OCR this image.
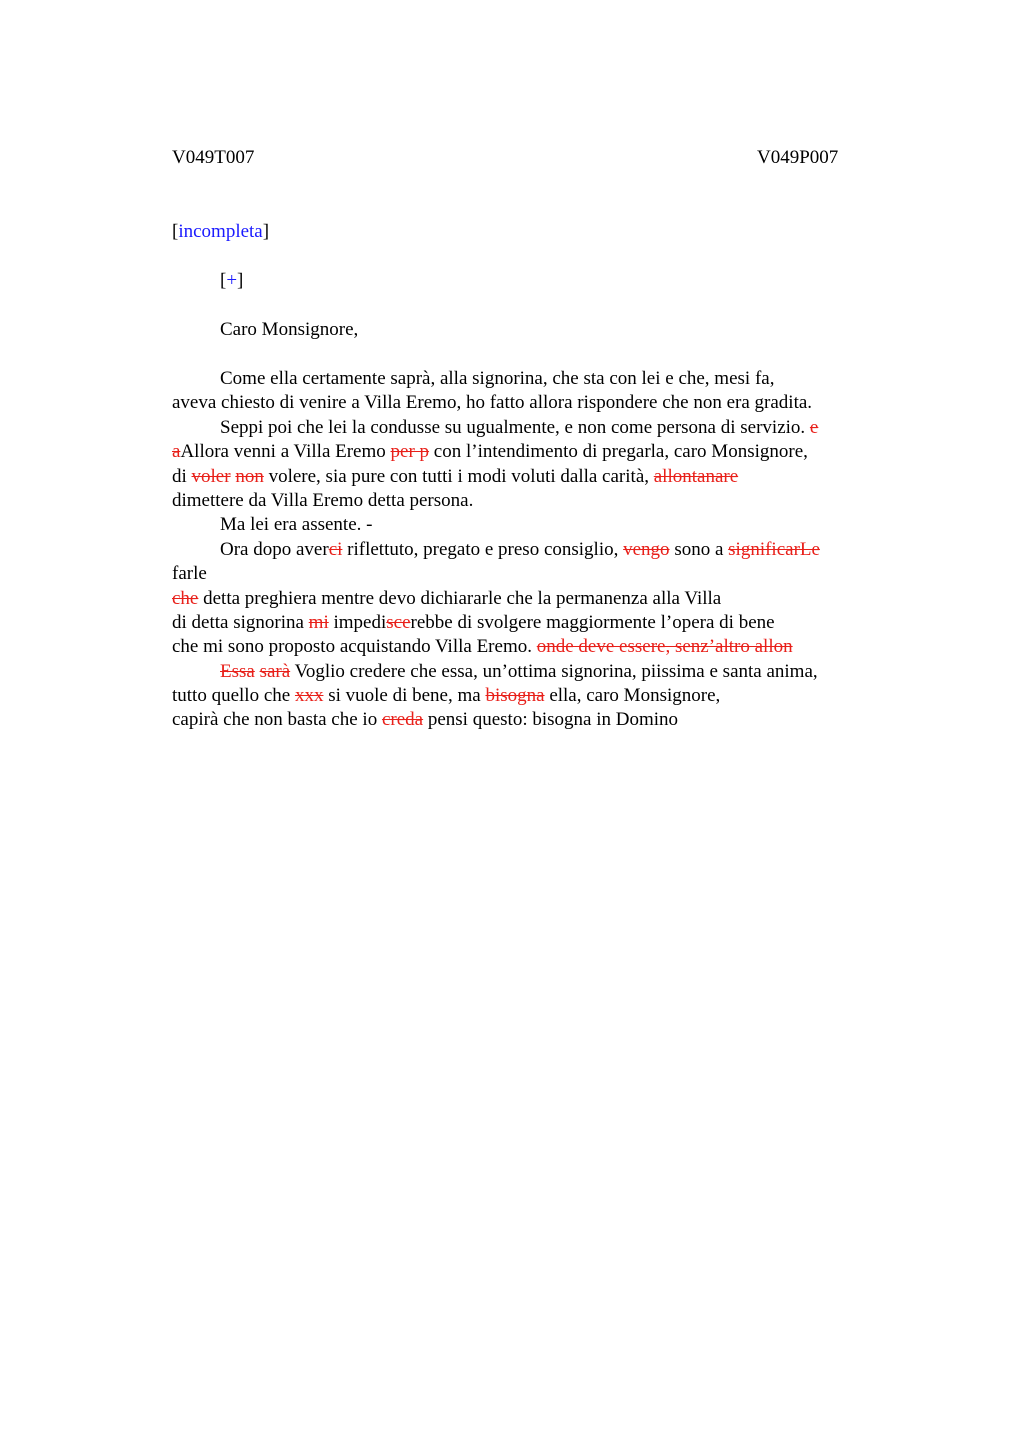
V049T007	V049P007
[incompleta]
[+]
Caro Monsignore,
Come ella certamente saprà, alla signorina, che sta con lei e che, mesi fa,
aveva chiesto di venire a Villa Eremo, ho fatto allora rispondere che non era gradita.
Seppi poi che lei la condusse su ugualmente, e non come persona di servizio. e
aAllora venni a Villa Eremo per p con l’intendimento di pregarla, caro Monsignore,
di voler non volere, sia pure con tutti i modi voluti dalla carità, allontanare
dimettere da Villa Eremo detta persona.
Ma lei era assente. -
Ora dopo averci riflettuto, pregato e preso consiglio, vengo sono a significarLe
farle
che detta preghiera mentre devo dichiararle che la permanenza alla Villa
di detta signorina mi impediscerebbe di svolgere maggiormente l’opera di bene
che mi sono proposto acquistando Villa Eremo. onde deve essere, senz’altro allon
Essa sarà Voglio credere che essa, un’ottima signorina, piissima e santa anima,
tutto quello che xxx si vuole di bene, ma bisogna ella, caro Monsignore,
capirà che non basta che io creda pensi questo: bisogna in Domino
